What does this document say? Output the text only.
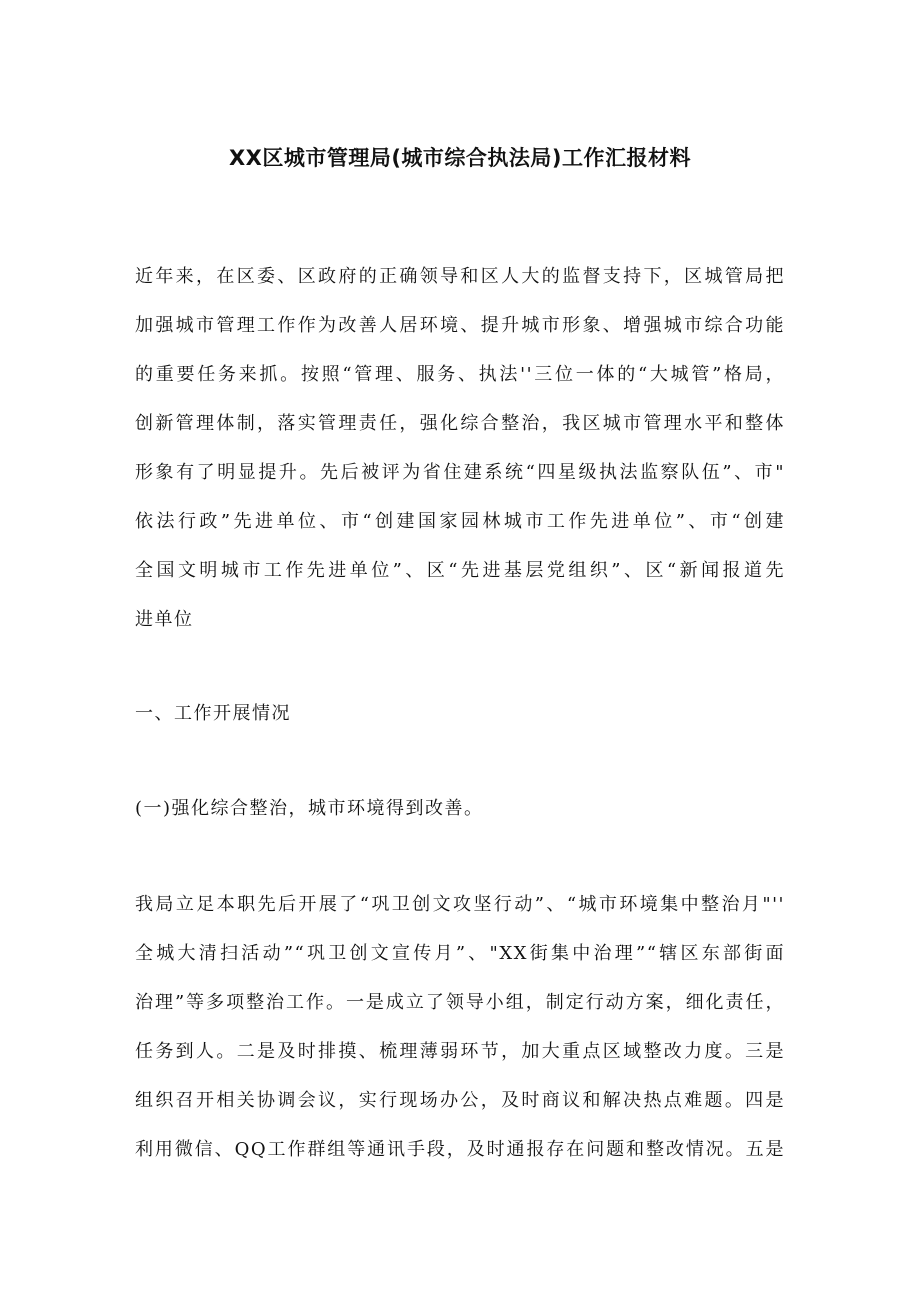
XX区城市管理局(城市综合执法局)工作汇报材料
近年来，在区委、区政府的正确领导和区人大的监督支持下，区城管局把
加强城市管理工作作为改善人居环境、提升城市形象、增强城市综合功能
的重要任务来抓。按照“管理、服务、执法''三位一体的“大城管”格局，
创新管理体制，落实管理责任，强化综合整治，我区城市管理水平和整体
形象有了明显提升。先后被评为省住建系统“四星级执法监察队伍”、市"
依法行政”先进单位、市“创建国家园林城市工作先进单位”、市“创建
全国文明城市工作先进单位”、区“先进基层党组织”、区“新闻报道先
进单位
一、工作开展情况
(一)强化综合整治，城市环境得到改善。
我局立足本职先后开展了“巩卫创文攻坚行动”、“城市环境集中整治月"''
全城大清扫活动”“巩卫创文宣传月”、"XX街集中治理”“辖区东部街面
治理”等多项整治工作。一是成立了领导小组，制定行动方案，细化责任，
任务到人。二是及时排摸、梳理薄弱环节，加大重点区域整改力度。三是
组织召开相关协调会议，实行现场办公，及时商议和解决热点难题。四是
利用微信、QQ工作群组等通讯手段，及时通报存在问题和整改情况。五是
